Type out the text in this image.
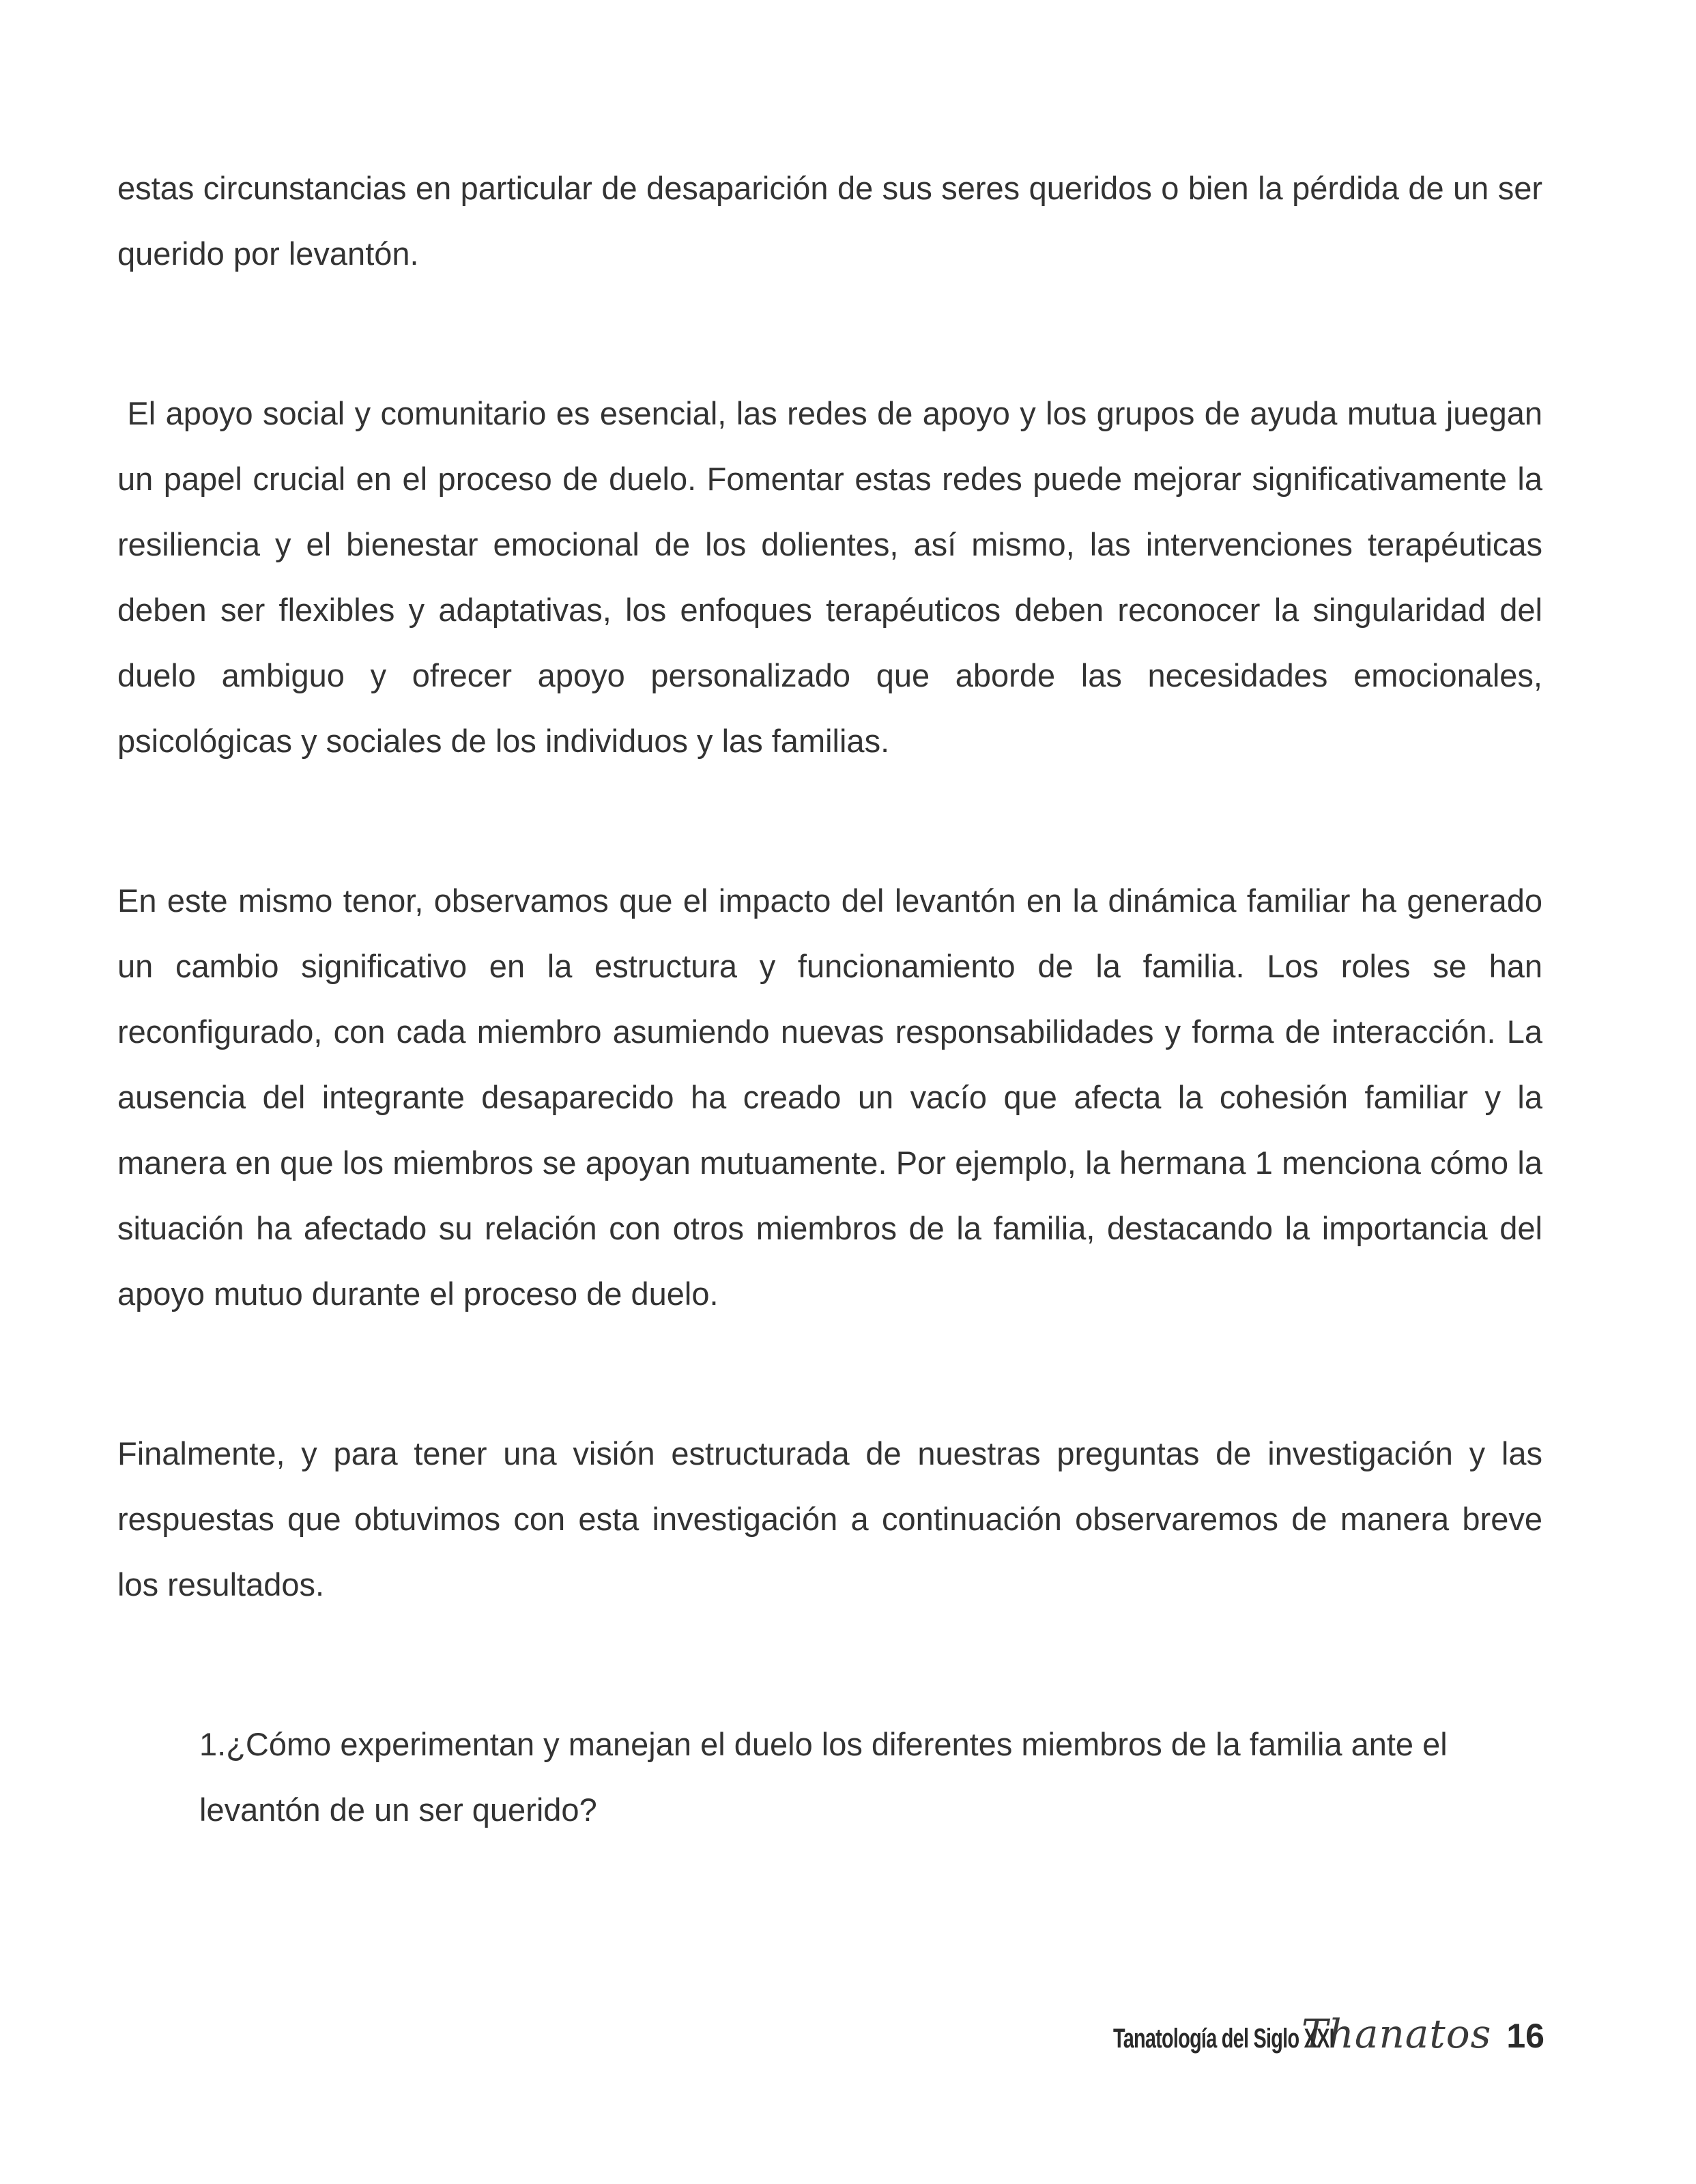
estas circunstancias en particular de desaparición de sus seres queridos o bien la pérdida de un ser querido por levantón.

El apoyo social y comunitario es esencial, las redes de apoyo y los grupos de ayuda mutua juegan un papel crucial en el proceso de duelo. Fomentar estas redes puede mejorar significativamente la resiliencia y el bienestar emocional de los dolientes, así mismo, las intervenciones terapéuticas deben ser flexibles y adaptativas, los enfoques terapéuticos deben reconocer la singularidad del duelo ambiguo y ofrecer apoyo personalizado que aborde las necesidades emocionales, psicológicas y sociales de los individuos y las familias.

En este mismo tenor, observamos que el impacto del levantón en la dinámica familiar ha generado un cambio significativo en la estructura y funcionamiento de la familia. Los roles se han reconfigurado, con cada miembro asumiendo nuevas responsabilidades y forma de interacción. La ausencia del integrante desaparecido ha creado un vacío que afecta la cohesión familiar y la manera en que los miembros se apoyan mutuamente. Por ejemplo, la hermana 1 menciona cómo la situación ha afectado su relación con otros miembros de la familia, destacando la importancia del apoyo mutuo durante el proceso de duelo.

Finalmente, y para tener una visión estructurada de nuestras preguntas de investigación y las respuestas que obtuvimos con esta investigación a continuación observaremos de manera breve los resultados.

1.¿Cómo experimentan y manejan el duelo los diferentes miembros de la familia ante el levantón de un ser querido?

Tanatología del Siglo XXI
Thanatos 16
